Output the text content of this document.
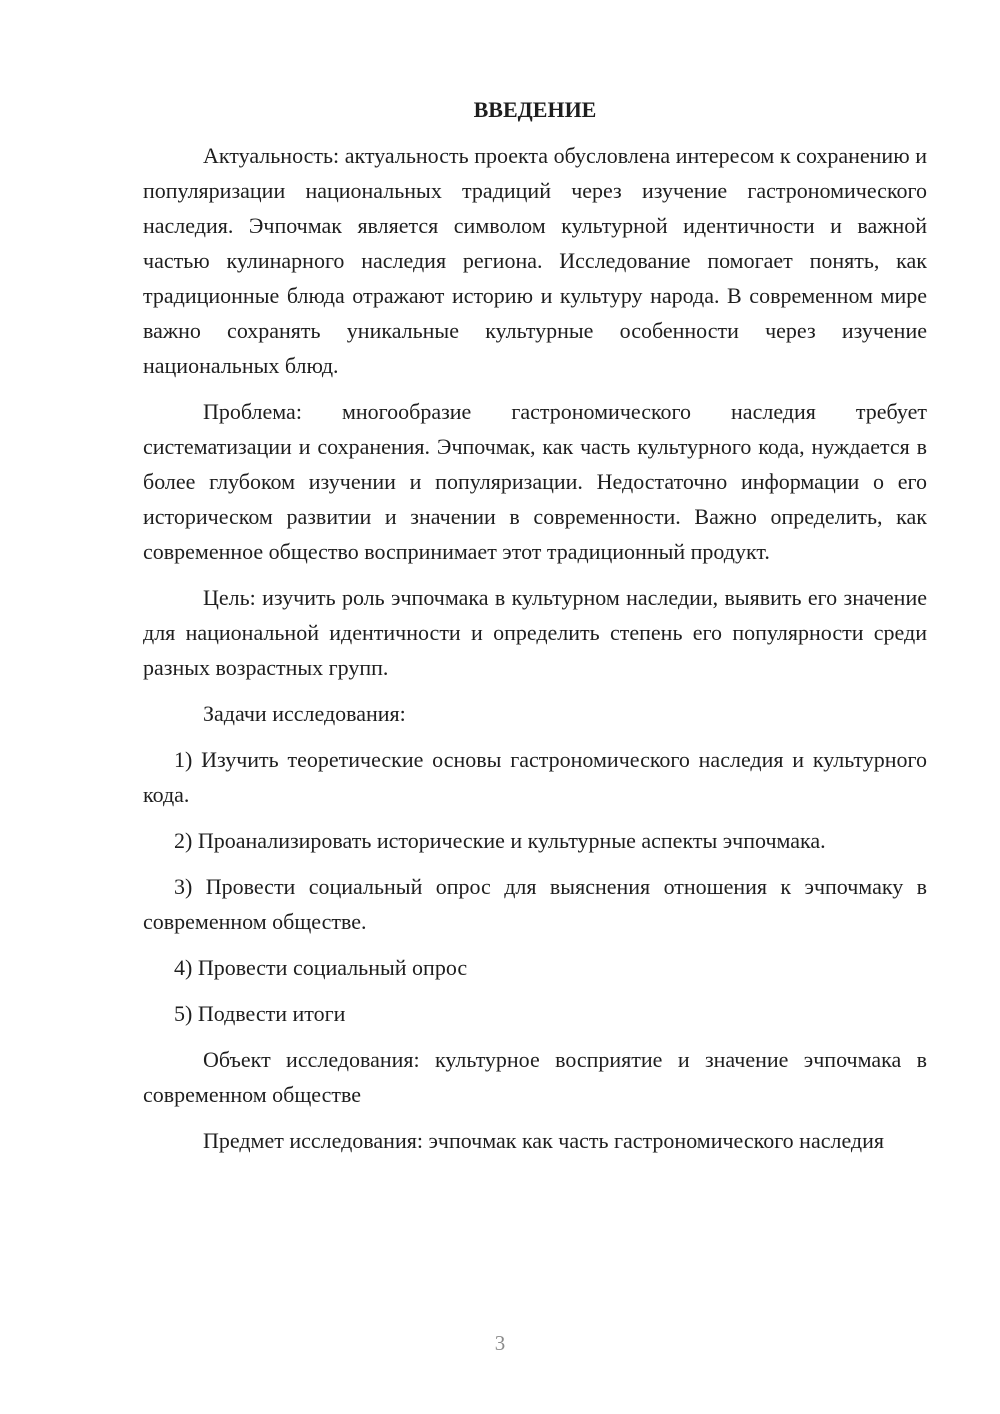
ВВЕДЕНИЕ

Актуальность: актуальность проекта обусловлена интересом к сохранению и популяризации национальных традиций через изучение гастрономического наследия. Эчпочмак является символом культурной идентичности и важной частью кулинарного наследия региона. Исследование помогает понять, как традиционные блюда отражают историю и культуру народа. В современном мире важно сохранять уникальные культурные особенности через изучение национальных блюд.

Проблема: многообразие гастрономического наследия требует систематизации и сохранения. Эчпочмак, как часть культурного кода, нуждается в более глубоком изучении и популяризации. Недостаточно информации о его историческом развитии и значении в современности. Важно определить, как современное общество воспринимает этот традиционный продукт.

Цель: изучить роль эчпочмака в культурном наследии, выявить его значение для национальной идентичности и определить степень его популярности среди разных возрастных групп.

Задачи исследования:

1) Изучить теоретические основы гастрономического наследия и культурного кода.

2) Проанализировать исторические и культурные аспекты эчпочмака.

3) Провести социальный опрос для выяснения отношения к эчпочмаку в современном обществе.

4) Провести социальный опрос

5) Подвести итоги

Объект исследования: культурное восприятие и значение эчпочмака в современном обществе

Предмет исследования: эчпочмак как часть гастрономического наследия

3
